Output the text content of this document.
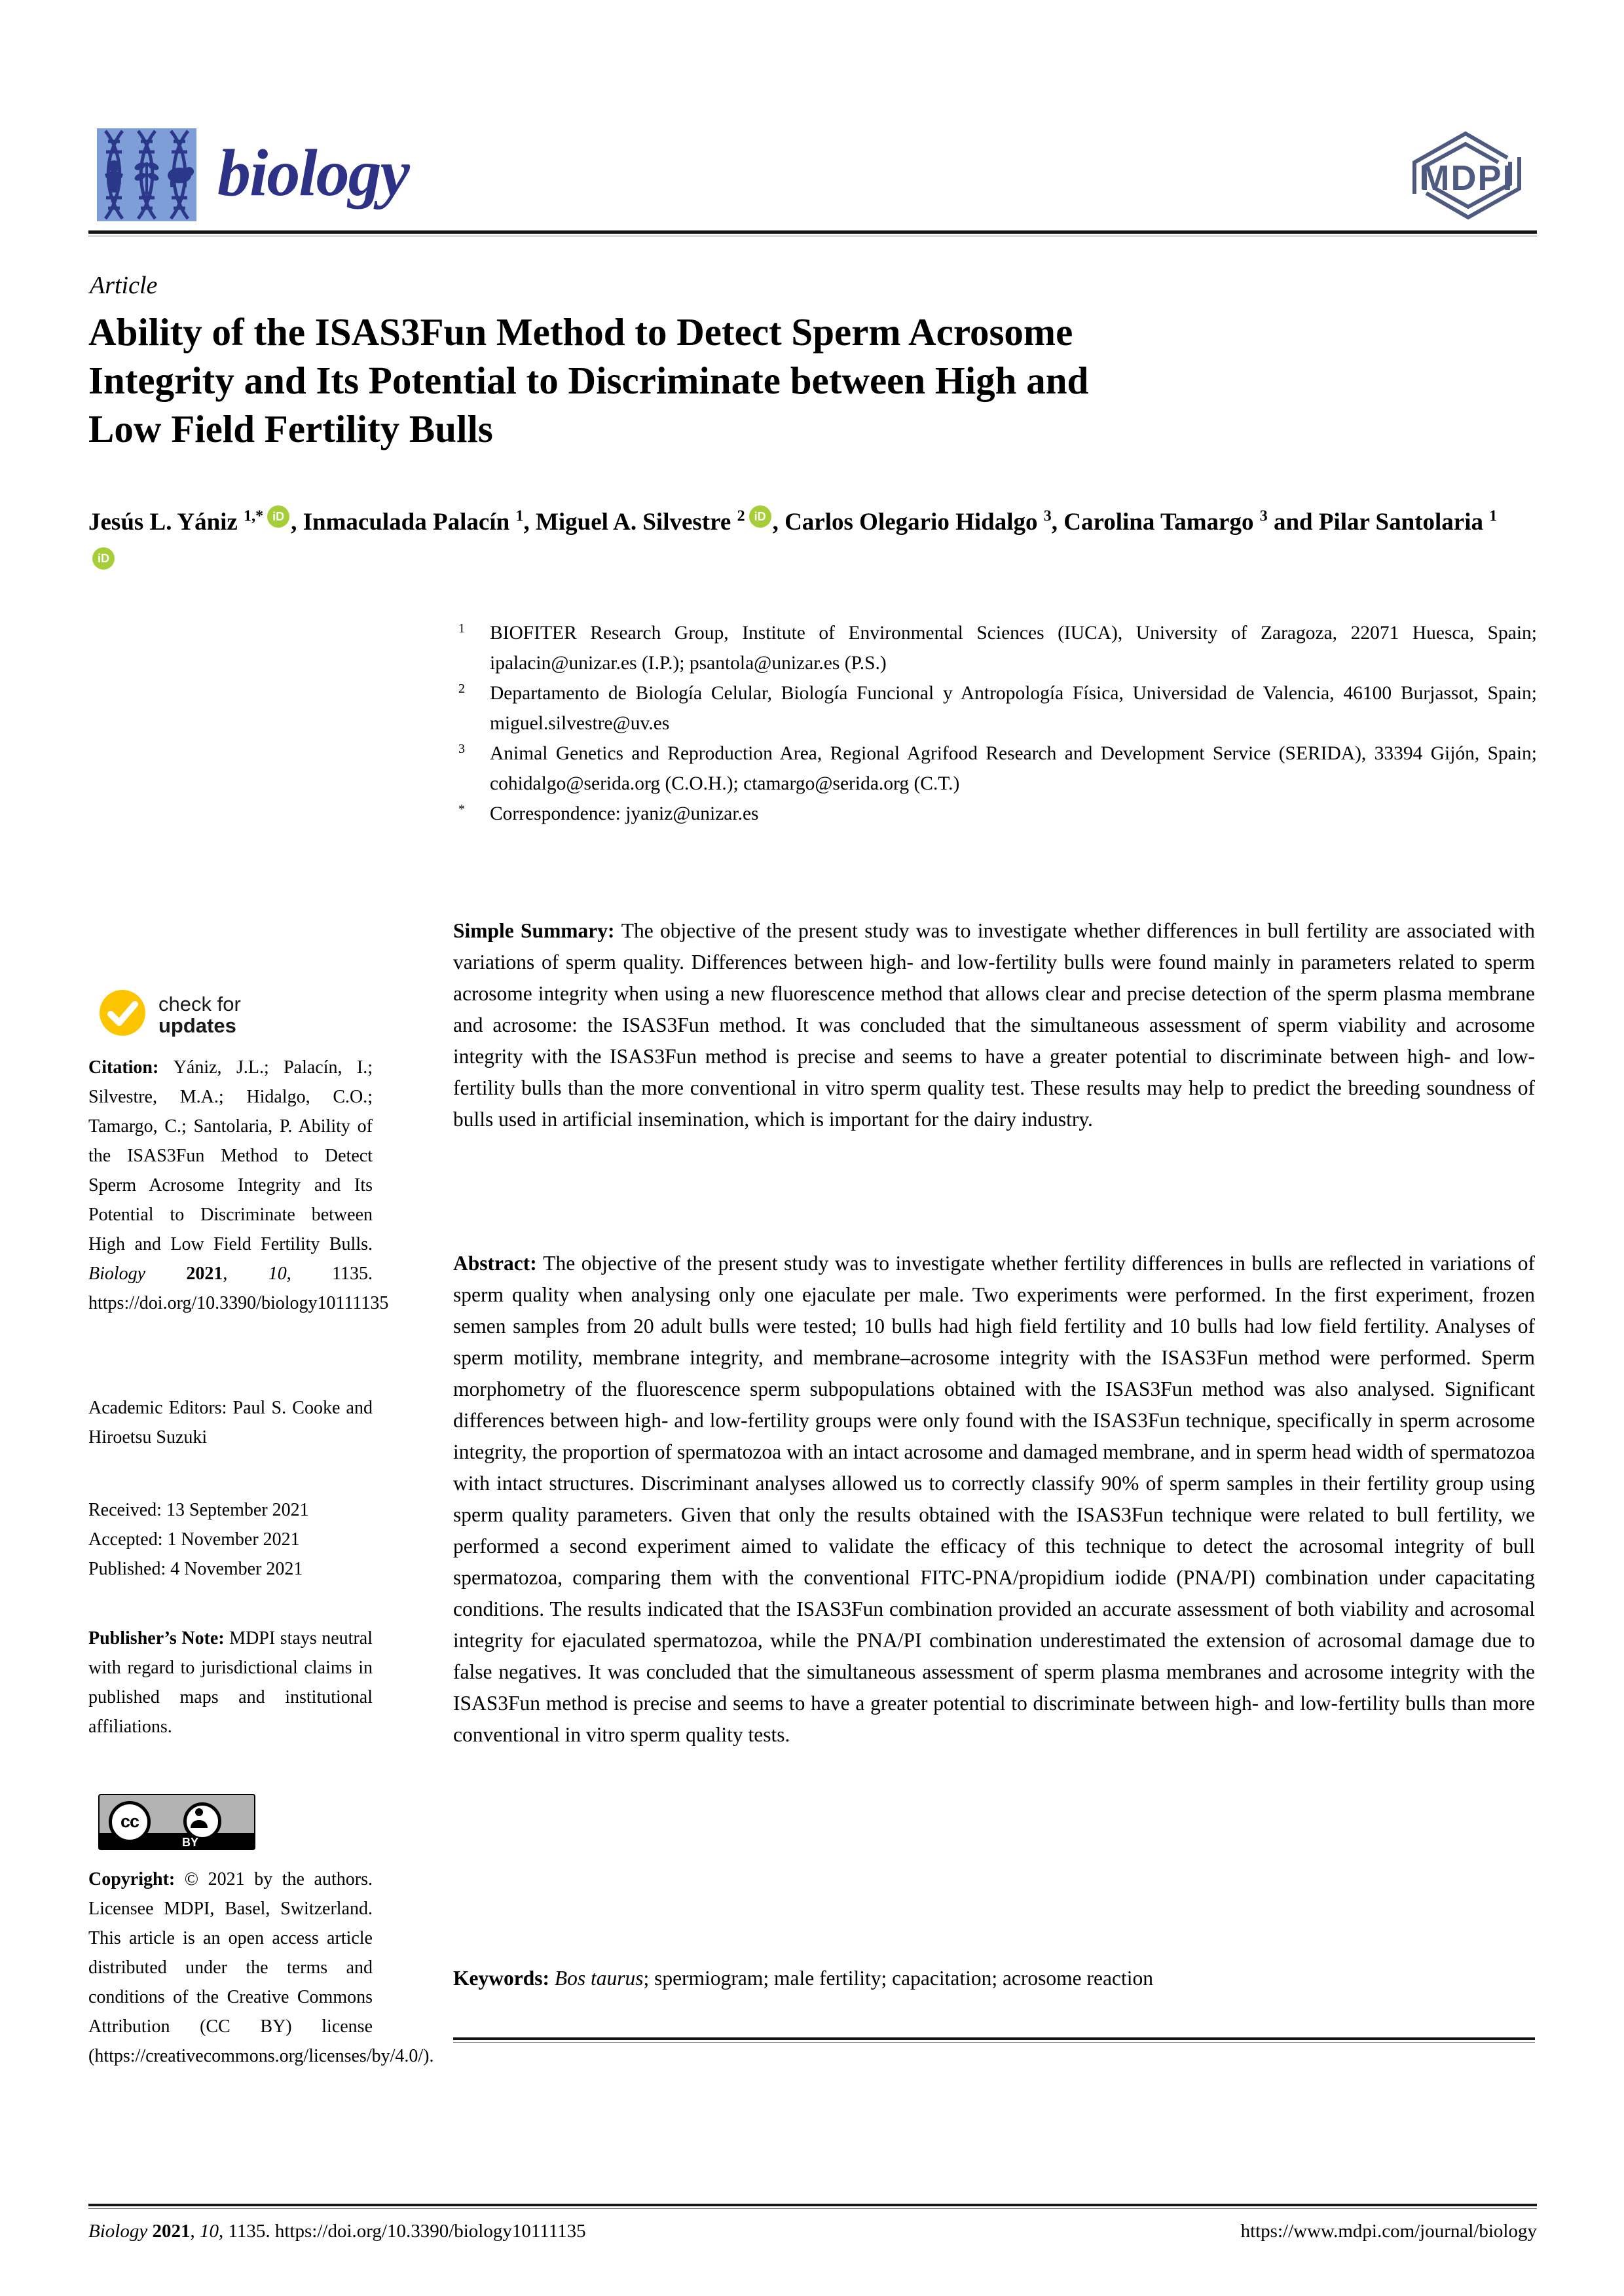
biology	MDPI
Article
Ability of the ISAS3Fun Method to Detect Sperm Acrosome
Integrity and Its Potential to Discriminate between High and
Low Field Fertility Bulls
Jesús L. Yániz $^{1,*}$ iD , Inmaculada Palacín $^1$, Miguel A. Silvestre $^2$ iD , Carlos Olegario Hidalgo $^3$, Carolina Tamargo $^3$ and Pilar Santolaria $^1$iD
1 BIOFITER Research Group, Institute of Environmental Sciences (IUCA), University of Zaragoza, 22071 Huesca, Spain; ipalacin@unizar.es (I.P.); psantola@unizar.es (P.S.)
2 Departamento de Biología Celular, Biología Funcional y Antropología Física, Universidad de Valencia, 46100 Burjassot, Spain; miguel.silvestre@uv.es
3 Animal Genetics and Reproduction Area, Regional Agrifood Research and Development Service (SERIDA), 33394 Gijón, Spain; cohidalgo@serida.org (C.O.H.); ctamargo@serida.org (C.T.)
* Correspondence: jyaniz@unizar.es
Simple Summary: The objective of the present study was to investigate whether differences in bull fertility are associated with variations of sperm quality. Differences between high- and low-fertility bulls were found mainly in parameters related to sperm acrosome integrity when using a new fluorescence method that allows clear and precise detection of the sperm plasma membrane and acrosome: the ISAS3Fun method. It was concluded that the simultaneous assessment of sperm viability and acrosome integrity with the ISAS3Fun method is precise and seems to have a greater potential to discriminate between high- and low-fertility bulls than the more conventional in vitro sperm quality test. These results may help to predict the breeding soundness of bulls used in artificial insemination, which is important for the dairy industry.
Abstract: The objective of the present study was to investigate whether fertility differences in bulls are reflected in variations of sperm quality when analysing only one ejaculate per male. Two experiments were performed. In the first experiment, frozen semen samples from 20 adult bulls were tested; 10 bulls had high field fertility and 10 bulls had low field fertility. Analyses of sperm motility, membrane integrity, and membrane–acrosome integrity with the ISAS3Fun method were performed. Sperm morphometry of the fluorescence sperm subpopulations obtained with the ISAS3Fun method was also analysed. Significant differences between high- and low-fertility groups were only found with the ISAS3Fun technique, specifically in sperm acrosome integrity, the proportion of spermatozoa with an intact acrosome and damaged membrane, and in sperm head width of spermatozoa with intact structures. Discriminant analyses allowed us to correctly classify 90% of sperm samples in their fertility group using sperm quality parameters. Given that only the results obtained with the ISAS3Fun technique were related to bull fertility, we performed a second experiment aimed to validate the efficacy of this technique to detect the acrosomal integrity of bull spermatozoa, comparing them with the conventional FITC-PNA/propidium iodide (PNA/PI) combination under capacitating conditions. The results indicated that the ISAS3Fun combination provided an accurate assessment of both viability and acrosomal integrity for ejaculated spermatozoa, while the PNA/PI combination underestimated the extension of acrosomal damage due to false negatives. It was concluded that the simultaneous assessment of sperm plasma membranes and acrosome integrity with the ISAS3Fun method is precise and seems to have a greater potential to discriminate between high- and low-fertility bulls than more conventional in vitro sperm quality tests.
Keywords: Bos taurus; spermiogram; male fertility; capacitation; acrosome reaction
check for
updates
Citation: Yániz, J.L.; Palacín, I.; Silvestre, M.A.; Hidalgo, C.O.; Tamargo, C.; Santolaria, P. Ability of the ISAS3Fun Method to Detect Sperm Acrosome Integrity and Its Potential to Discriminate between High and Low Field Fertility Bulls. Biology 2021, 10, 1135. https://doi.org/10.3390/biology10111135
Academic Editors: Paul S. Cooke and Hiroetsu Suzuki
Received: 13 September 2021
Accepted: 1 November 2021
Published: 4 November 2021
Publisher’s Note: MDPI stays neutral with regard to jurisdictional claims in published maps and institutional affiliations.
cc
BY
Copyright: © 2021 by the authors. Licensee MDPI, Basel, Switzerland. This article is an open access article distributed under the terms and conditions of the Creative Commons Attribution (CC BY) license (https://creativecommons.org/licenses/by/4.0/).
Biology 2021, 10, 1135. https://doi.org/10.3390/biology10111135	https://www.mdpi.com/journal/biology
